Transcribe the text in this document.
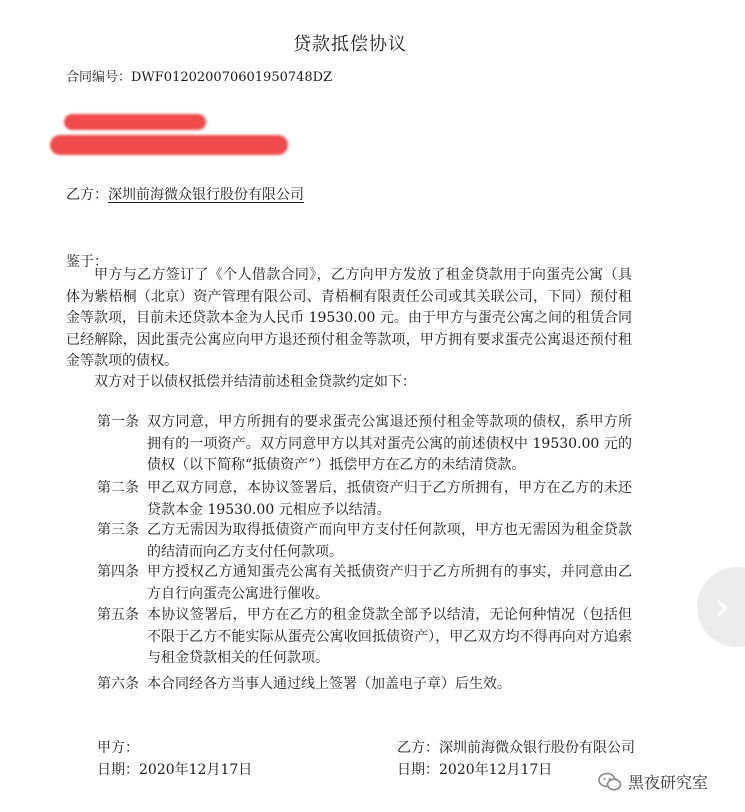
贷款抵偿协议
合同编号：DWF012020070601950748DZ
乙方：深圳前海微众银行股份有限公司
鉴于：

甲方与乙方签订了《个人借款合同》，乙方向甲方发放了租金贷款用于向蛋壳公寓（具体为紫梧桐（北京）资产管理有限公司、青梧桐有限责任公司或其关联公司，下同）预付租金等款项，目前未还贷款本金为人民币 19530.00 元。由于甲方与蛋壳公寓之间的租赁合同已经解除，因此蛋壳公寓应向甲方退还预付租金等款项，甲方拥有要求蛋壳公寓退还预付租金等款项的债权。

双方对于以债权抵偿并结清前述租金贷款约定如下：

第一条 双方同意，甲方所拥有的要求蛋壳公寓退还预付租金等款项的债权，系甲方所拥有的一项资产。双方同意甲方以其对蛋壳公寓的前述债权中 19530.00 元的债权（以下简称“抵债资产”）抵偿甲方在乙方的未结清贷款。
第二条 甲乙双方同意，本协议签署后，抵债资产归于乙方所拥有，甲方在乙方的未还贷款本金 19530.00 元相应予以结清。
第三条 乙方无需因为取得抵债资产而向甲方支付任何款项，甲方也无需因为租金贷款的结清而向乙方支付任何款项。
第四条 甲方授权乙方通知蛋壳公寓有关抵债资产归于乙方所拥有的事实，并同意由乙方自行向蛋壳公寓进行催收。
第五条 本协议签署后，甲方在乙方的租金贷款全部予以结清，无论何种情况（包括但不限于乙方不能实际从蛋壳公寓收回抵债资产），甲乙双方均不得再向对方追索与租金贷款相关的任何款项。
第六条 本合同经各方当事人通过线上签署（加盖电子章）后生效。
甲方：
日期：2020年12月17日
乙方：深圳前海微众银行股份有限公司
日期：2020年12月17日
›
黑夜研究室
